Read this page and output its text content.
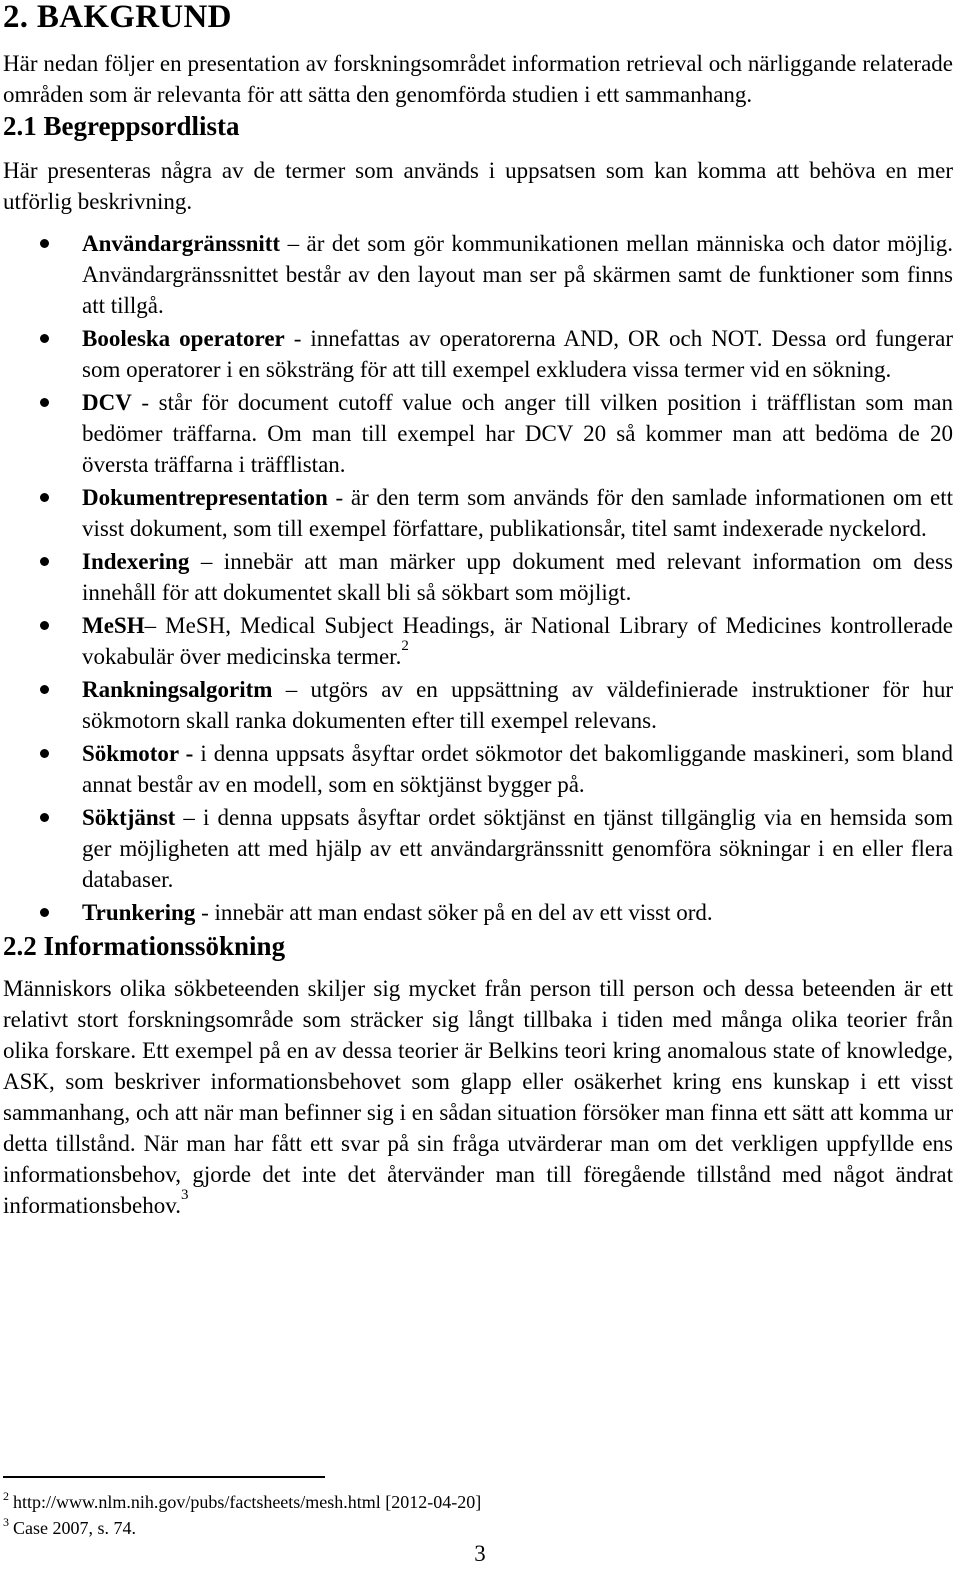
2. BAKGRUND

Här nedan följer en presentation av forskningsområdet information retrieval och närliggande relaterade områden som är relevanta för att sätta den genomförda studien i ett sammanhang.

2.1 Begreppsordlista

Här presenteras några av de termer som används i uppsatsen som kan komma att behöva en mer utförlig beskrivning.

Användargränssnitt – är det som gör kommunikationen mellan människa och dator möjlig. Användargränssnittet består av den layout man ser på skärmen samt de funktioner som finns att tillgå.
Booleska operatorer - innefattas av operatorerna AND, OR och NOT. Dessa ord fungerar som operatorer i en söksträng för att till exempel exkludera vissa termer vid en sökning.
DCV - står för document cutoff value och anger till vilken position i träfflistan som man bedömer träffarna. Om man till exempel har DCV 20 så kommer man att bedöma de 20 översta träffarna i träfflistan.
Dokumentrepresentation - är den term som används för den samlade informationen om ett visst dokument, som till exempel författare, publikationsår, titel samt indexerade nyckelord.
Indexering – innebär att man märker upp dokument med relevant information om dess innehåll för att dokumentet skall bli så sökbart som möjligt.
MeSH– MeSH, Medical Subject Headings, är National Library of Medicines kontrollerade vokabulär över medicinska termer.$^2$
Rankningsalgoritm – utgörs av en uppsättning av väldefinierade instruktioner för hur sökmotorn skall ranka dokumenten efter till exempel relevans.
Sökmotor - i denna uppsats åsyftar ordet sökmotor det bakomliggande maskineri, som bland annat består av en modell, som en söktjänst bygger på.
Söktjänst – i denna uppsats åsyftar ordet söktjänst en tjänst tillgänglig via en hemsida som ger möjligheten att med hjälp av ett användargränssnitt genomföra sökningar i en eller flera databaser.
Trunkering - innebär att man endast söker på en del av ett visst ord.
2.2 Informationssökning

Människors olika sökbeteenden skiljer sig mycket från person till person och dessa beteenden är ett relativt stort forskningsområde som sträcker sig långt tillbaka i tiden med många olika teorier från olika forskare. Ett exempel på en av dessa teorier är Belkins teori kring anomalous state of knowledge, ASK, som beskriver informationsbehovet som glapp eller osäkerhet kring ens kunskap i ett visst sammanhang, och att när man befinner sig i en sådan situation försöker man finna ett sätt att komma ur detta tillstånd. När man har fått ett svar på sin fråga utvärderar man om det verkligen uppfyllde ens informationsbehov, gjorde det inte det återvänder man till föregående tillstånd med något ändrat informationsbehov.$^3$

$^2$ http://www.nlm.nih.gov/pubs/factsheets/mesh.html [2012-04-20]
$^3$ Case 2007, s. 74.
3
